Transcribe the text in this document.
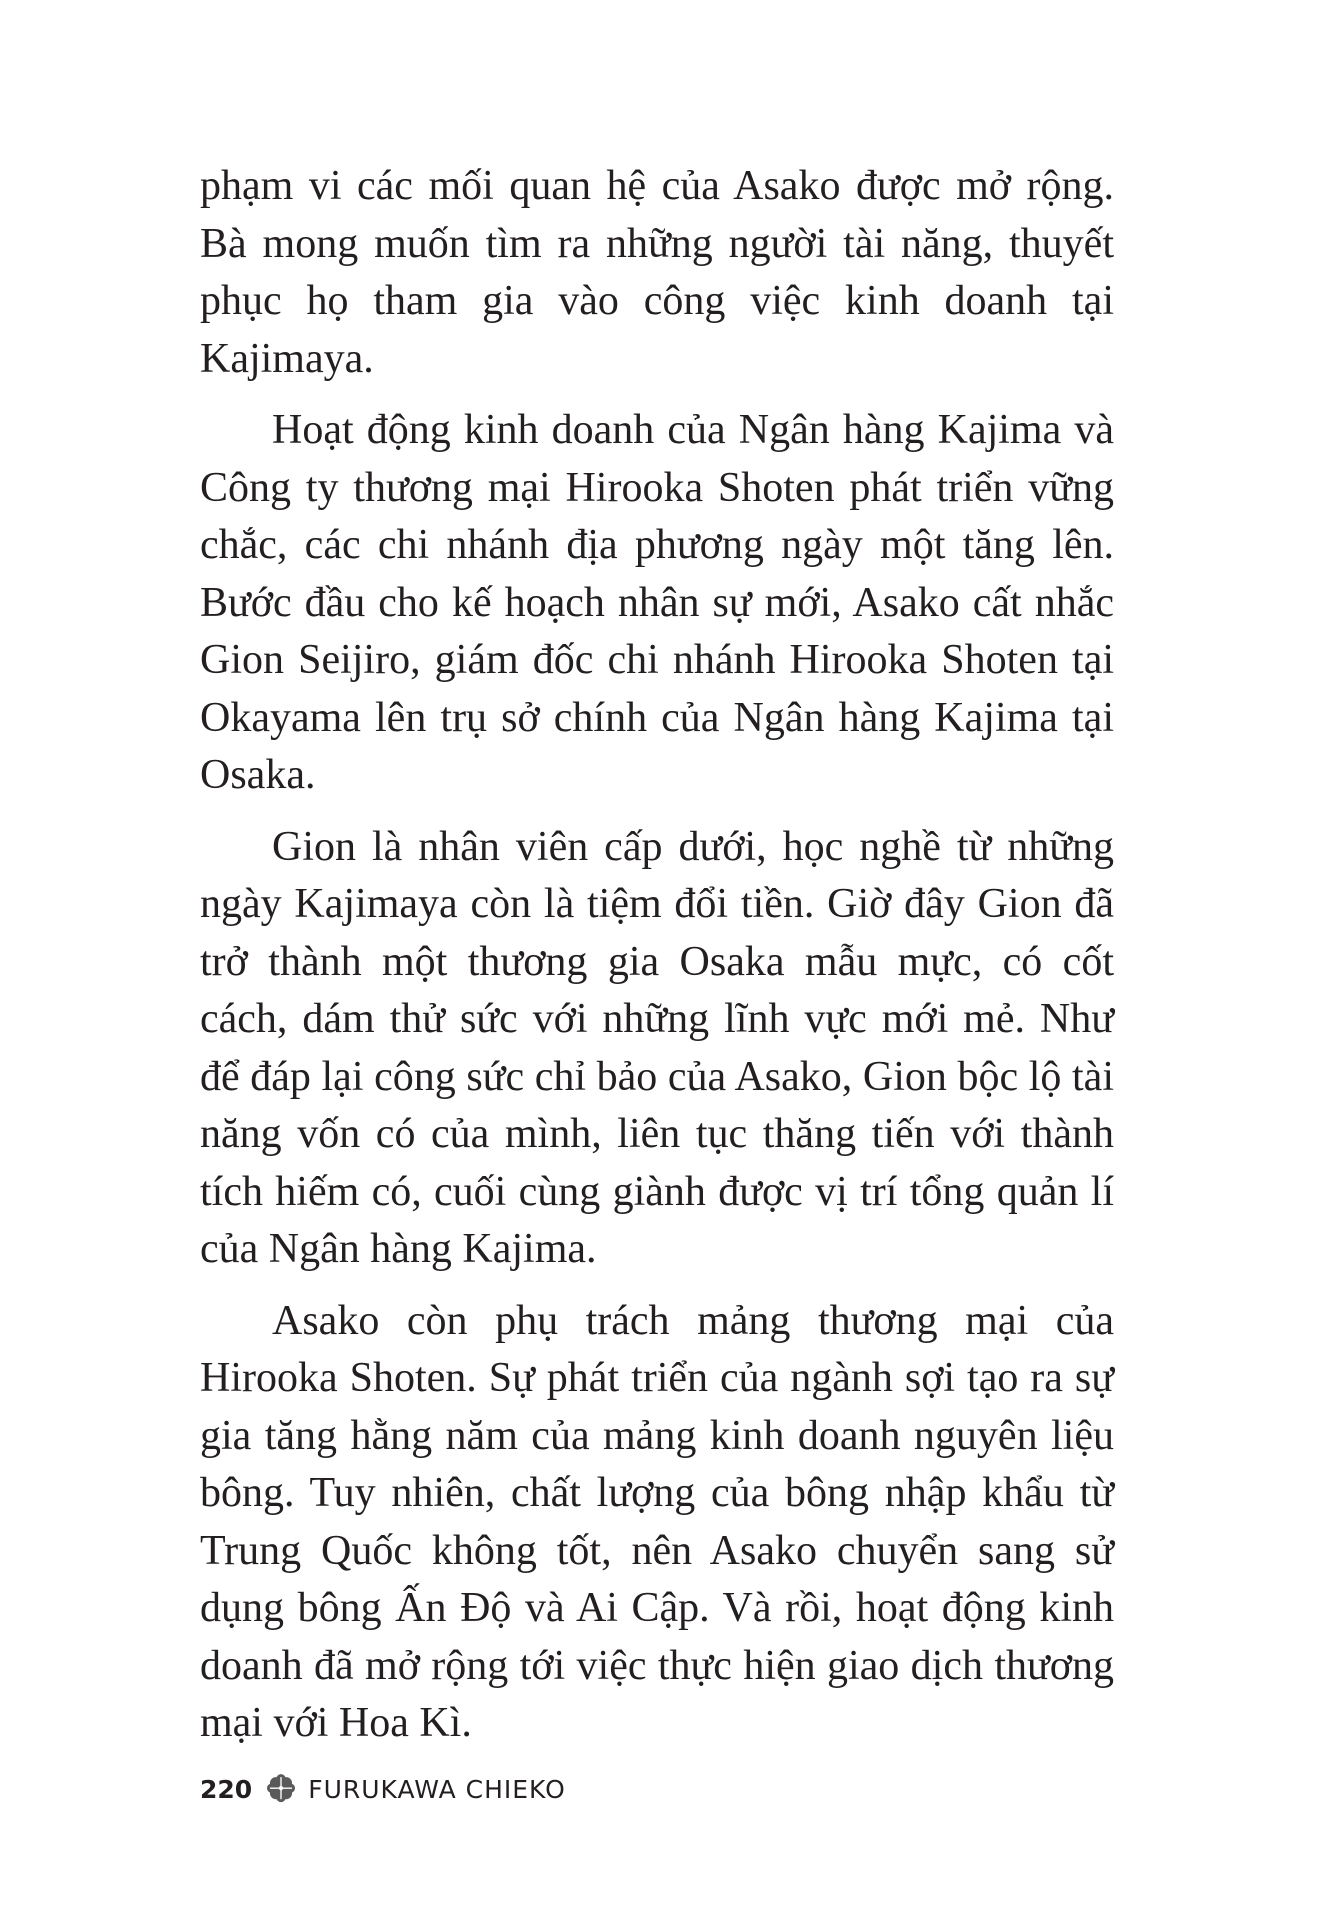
phạm vi các mối quan hệ của Asako được mở rộng. Bà mong muốn tìm ra những người tài năng, thuyết phục họ tham gia vào công việc kinh doanh tại Kajimaya.

Hoạt động kinh doanh của Ngân hàng Kajima và Công ty thương mại Hirooka Shoten phát triển vững chắc, các chi nhánh địa phương ngày một tăng lên. Bước đầu cho kế hoạch nhân sự mới, Asako cất nhắc Gion Seijiro, giám đốc chi nhánh Hirooka Shoten tại Okayama lên trụ sở chính của Ngân hàng Kajima tại Osaka.

Gion là nhân viên cấp dưới, học nghề từ những ngày Kajimaya còn là tiệm đổi tiền. Giờ đây Gion đã trở thành một thương gia Osaka mẫu mực, có cốt cách, dám thử sức với những lĩnh vực mới mẻ. Như để đáp lại công sức chỉ bảo của Asako, Gion bộc lộ tài năng vốn có của mình, liên tục thăng tiến với thành tích hiếm có, cuối cùng giành được vị trí tổng quản lí của Ngân hàng Kajima.

Asako còn phụ trách mảng thương mại của Hirooka Shoten. Sự phát triển của ngành sợi tạo ra sự gia tăng hằng năm của mảng kinh doanh nguyên liệu bông. Tuy nhiên, chất lượng của bông nhập khẩu từ Trung Quốc không tốt, nên Asako chuyển sang sử dụng bông Ấn Độ và Ai Cập. Và rồi, hoạt động kinh doanh đã mở rộng tới việc thực hiện giao dịch thương mại với Hoa Kì.

220 FURUKAWA CHIEKO
